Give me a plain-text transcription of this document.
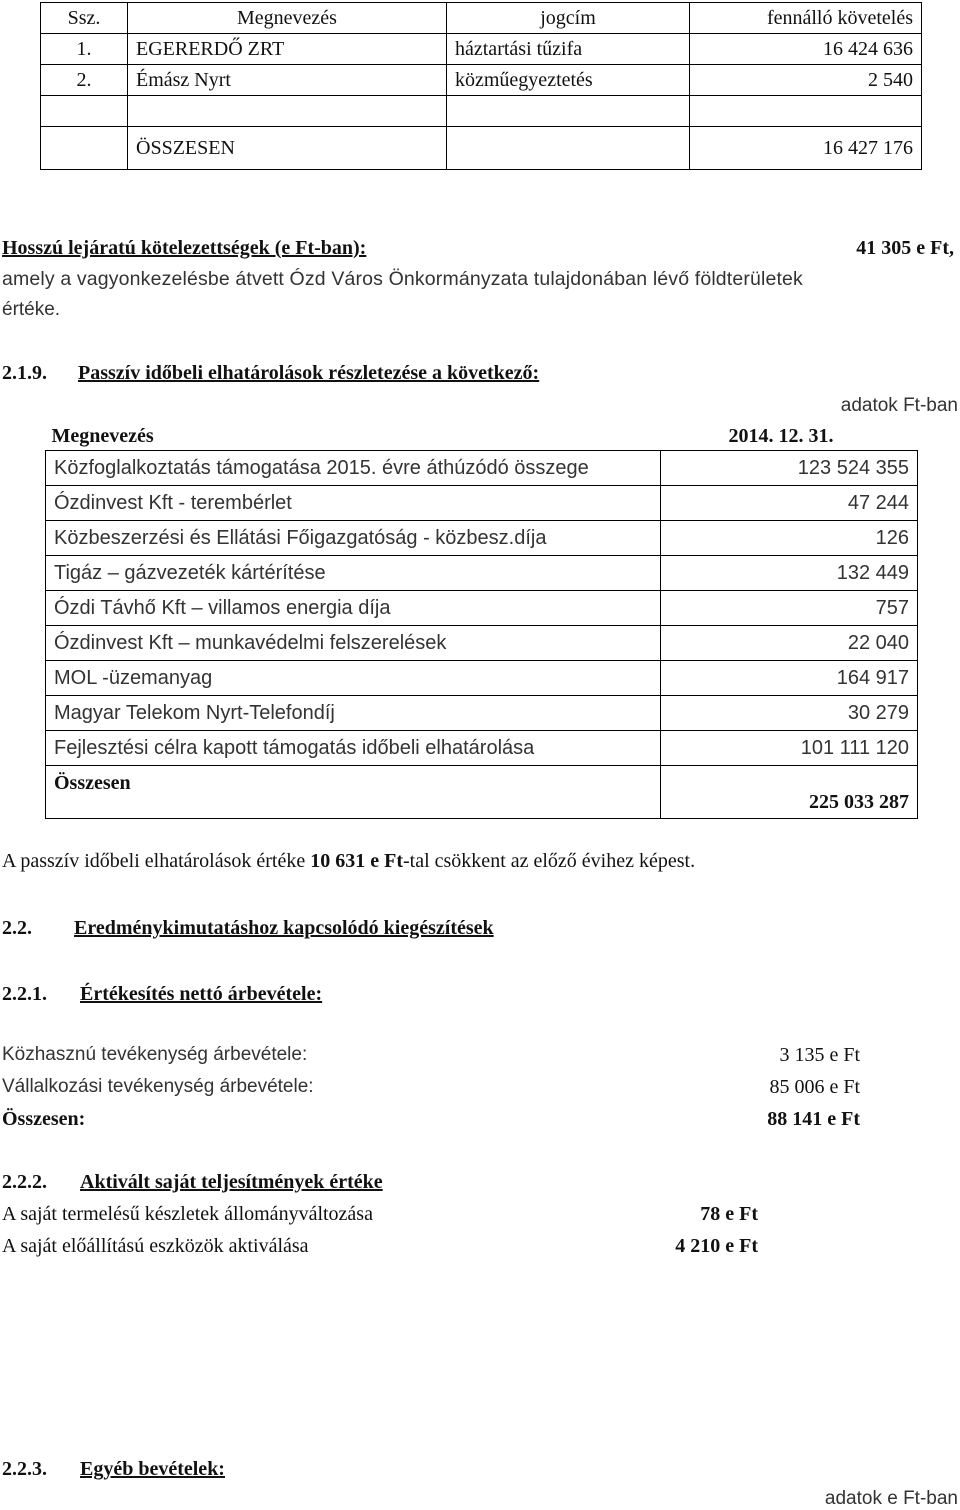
Ssz.	Megnevezés	jogcím	fennálló követelés
1.	EGERERDŐ ZRT	háztartási tűzifa	16 424 636
2.	Émász Nyrt	közműegyeztetés	2 540

	ÖSSZESEN		16 427 176
Hosszú lejáratú kötelezettségek (e Ft-ban):	41 305 e Ft,
amely a vagyonkezelésbe átvett Ózd Város Önkormányzata tulajdonában lévő földterületek
értéke.
2.1.9. Passzív időbeli elhatárolások részletezése a következő:
adatok Ft-ban
Megnevezés	2014. 12. 31.
Közfoglalkoztatás támogatása 2015. évre áthúzódó összege	123 524 355
Ózdinvest Kft - terembérlet	47 244
Közbeszerzési és Ellátási Főigazgatóság - közbesz.díja	126
Tigáz – gázvezeték kártérítése	132 449
Ózdi Távhő Kft – villamos energia díja	757
Ózdinvest Kft – munkavédelmi felszerelések	22 040
MOL -üzemanyag	164 917
Magyar Telekom Nyrt-Telefondíj	30 279
Fejlesztési célra kapott támogatás időbeli elhatárolása	101 111 120
Összesen	225 033 287
A passzív időbeli elhatárolások értéke 10 631 e Ft-tal csökkent az előző évihez képest.
2.2. Eredménykimutatáshoz kapcsolódó kiegészítések
2.2.1. Értékesítés nettó árbevétele:
Közhasznú tevékenység árbevétele:	3 135 e Ft
Vállalkozási tevékenység árbevétele:	85 006 e Ft
Összesen:	88 141 e Ft
2.2.2. Aktivált saját teljesítmények értéke
A saját termelésű készletek állományváltozása	78 e Ft
A saját előállítású eszközök aktiválása	4 210 e Ft
2.2.3. Egyéb bevételek:
adatok e Ft-ban
